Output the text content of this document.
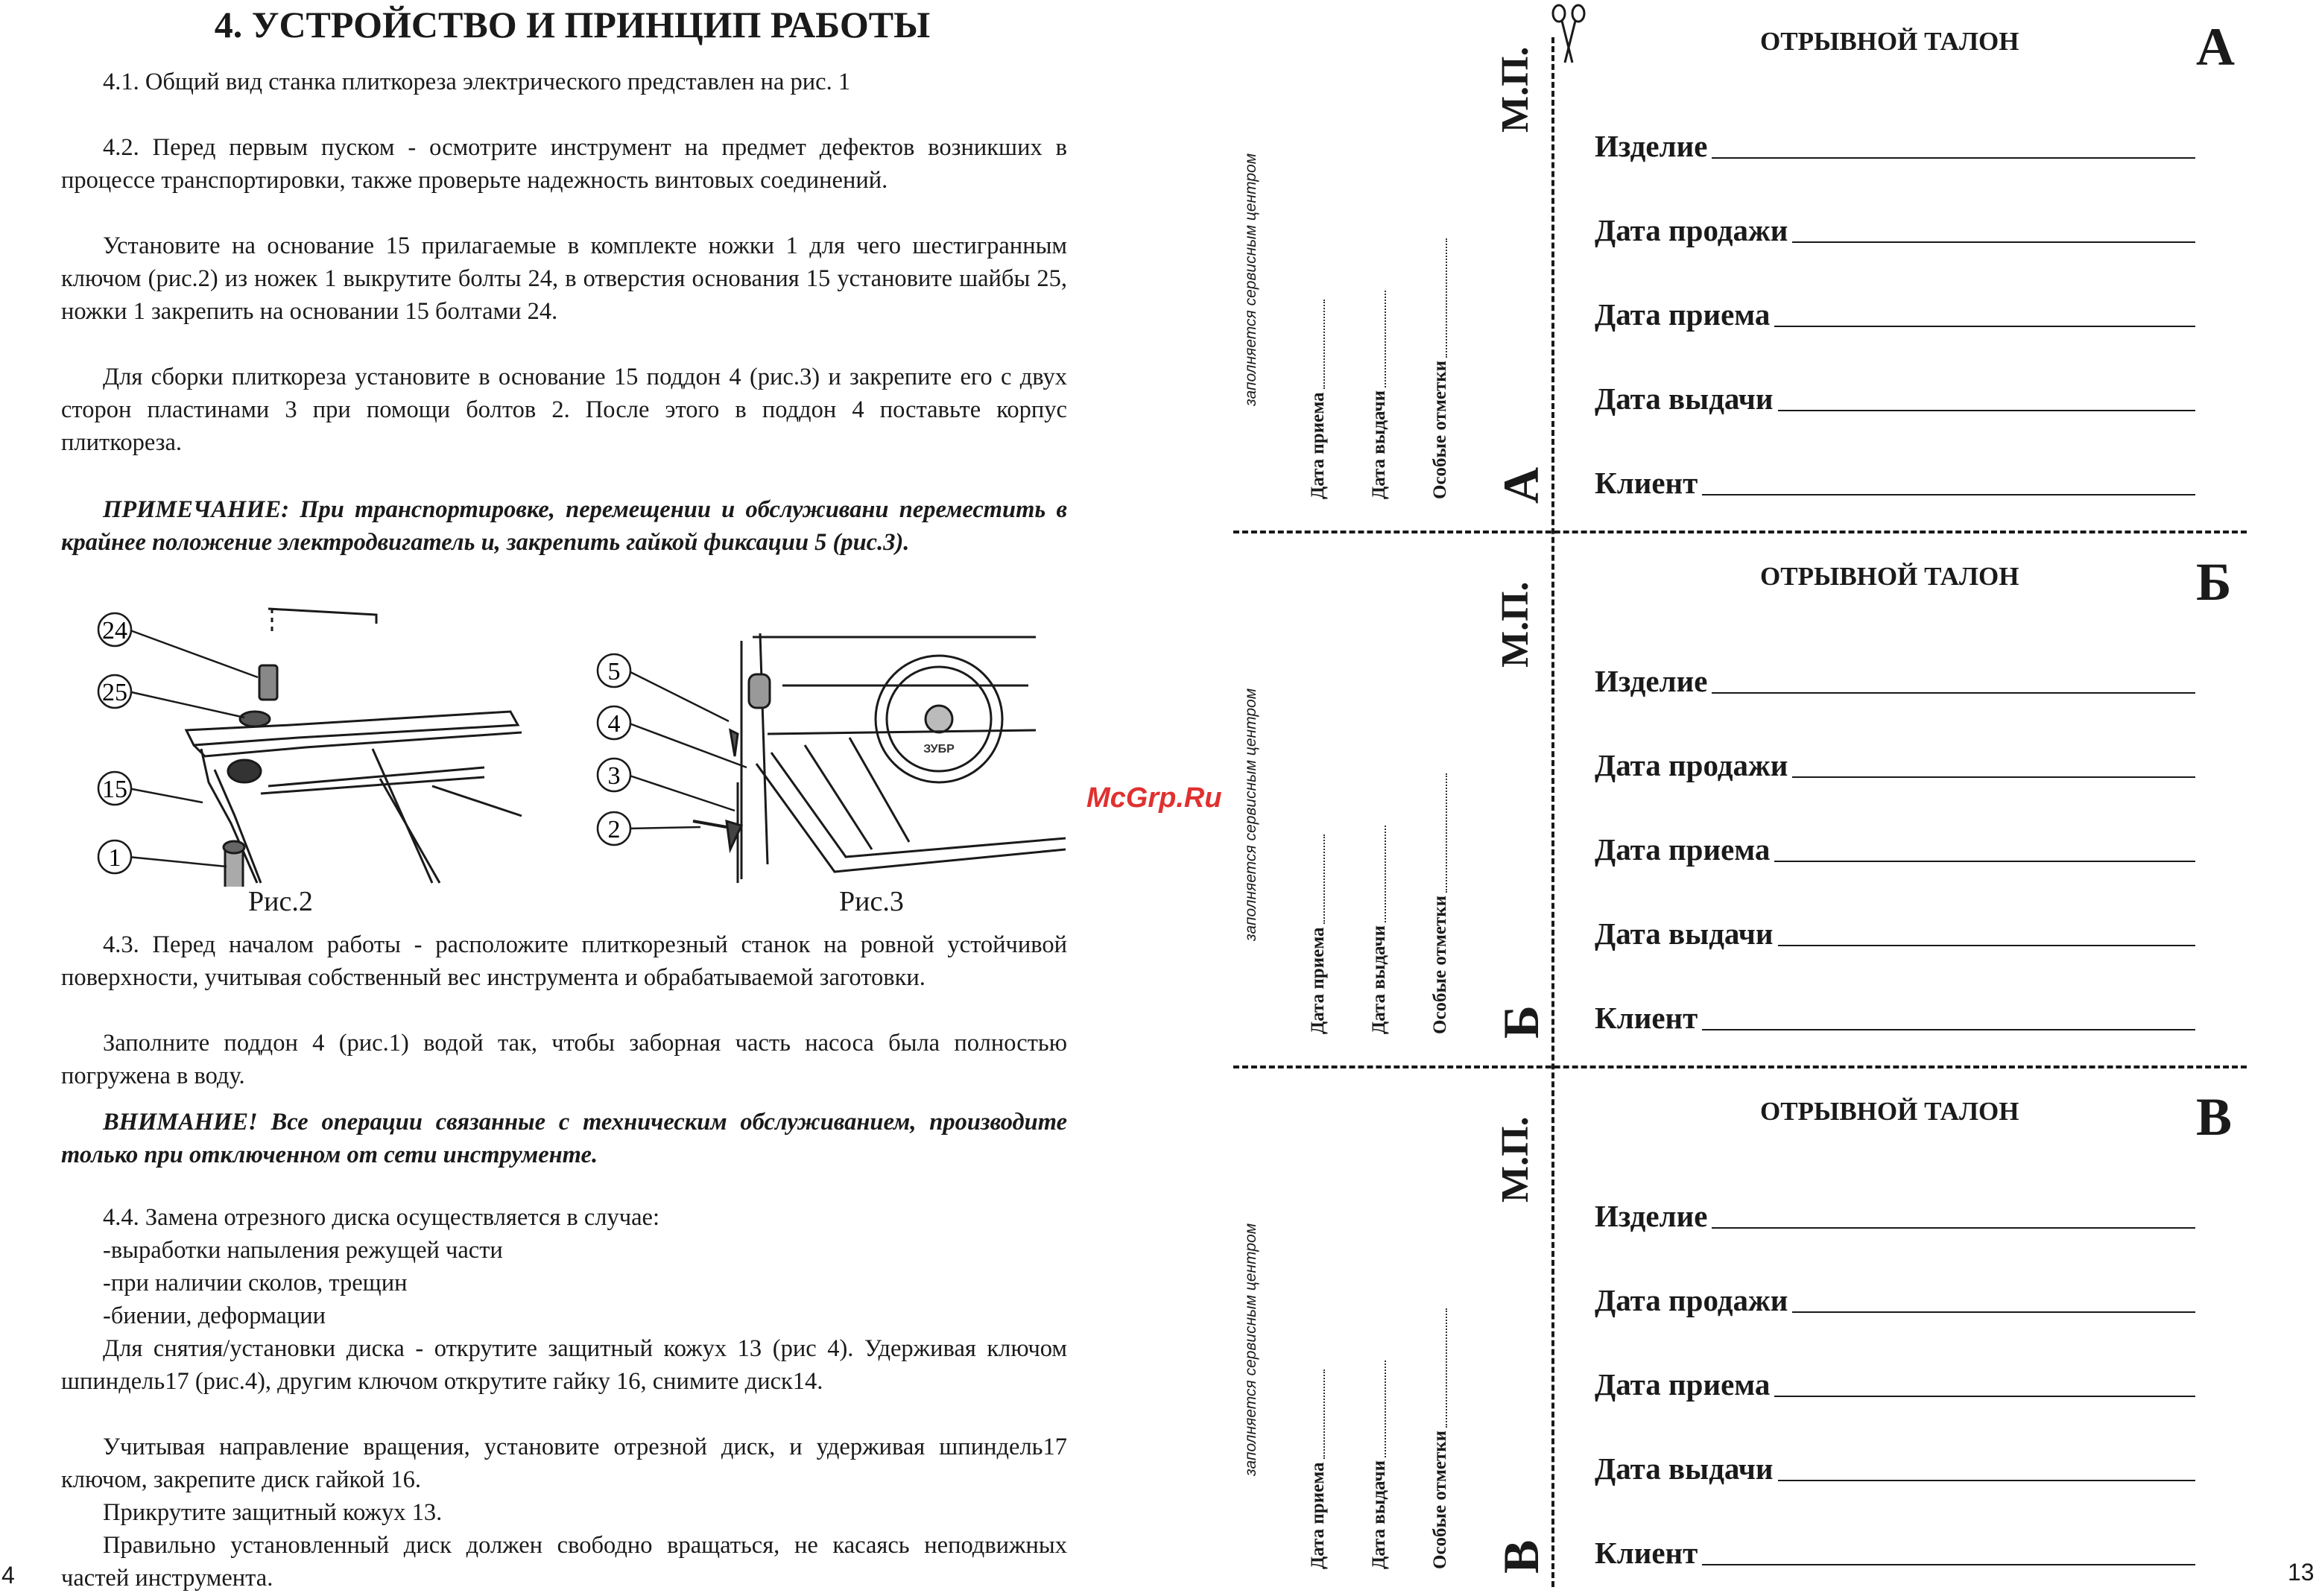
4. УСТРОЙСТВО И ПРИНЦИП РАБОТЫ
4.1. Общий вид станка плиткореза электрического представлен на рис. 1
4.2. Перед первым пуском - осмотрите инструмент на предмет дефектов возникших в процессе транспортировки, также проверьте надежность винтовых соединений.
Установите на основание 15 прилагаемые в комплекте ножки 1 для чего шестигранным ключом (рис.2) из ножек 1 выкрутите болты 24, в отверстия основания 15 установите шайбы 25, ножки 1 закрепить на основании 15 болтами 24.
Для сборки плиткореза установите в основание 15 поддон 4 (рис.3) и закрепите его с двух сторон пластинами 3 при помощи болтов 2. После этого в поддон 4 поставьте корпус плиткореза.
ПРИМЕЧАНИЕ: При транспортировке, перемещении и обслуживани переместить в крайнее положение электродвигатель и, закрепить гайкой фиксации 5 (рис.3).
24
25
15
1
Рис.2
ЗУБР
5
4
3
2
Рис.3
4.3. Перед началом работы - расположите плиткорезный станок на ровной устойчивой поверхности, учитывая собственный вес инструмента и обрабатываемой заготовки.
Заполните поддон 4 (рис.1) водой так, чтобы заборная часть насоса была полностью погружена в воду.
ВНИМАНИЕ! Все операции связанные с техническим обслуживанием, производите только при отключенном от сети инструменте.
4.4. Замена отрезного диска осуществляется в случае:
-выработки напыления режущей части
-при наличии сколов, трещин
-биении, деформации
Для снятия/установки диска - открутите защитный кожух 13 (рис 4). Удерживая ключом шпиндель17 (рис.4), другим ключом открутите гайку 16, снимите диск14.
Учитывая направление вращения, установите отрезной диск, и удерживая шпиндель17 ключом, закрепите диск гайкой 16.
Прикрутите защитный кожух 13.
Правильно установленный диск должен свободно вращаться, не касаясь неподвижных частей инструмента.
4
McGrp.Ru
заполняется сервисным центром
Дата приема Дата выдачи Особые отметки
М.П.
А
ОТРЫВНОЙ ТАЛОН	А
Изделие
Дата продажи
Дата приема
Дата выдачи
Клиент
заполняется сервисным центром
Дата приема Дата выдачи Особые отметки
М.П.
Б
ОТРЫВНОЙ ТАЛОН	Б
Изделие
Дата продажи
Дата приема
Дата выдачи
Клиент
заполняется сервисным центром
Дата приема Дата выдачи Особые отметки
М.П.
В
ОТРЫВНОЙ ТАЛОН	В
Изделие
Дата продажи
Дата приема
Дата выдачи
Клиент
13
